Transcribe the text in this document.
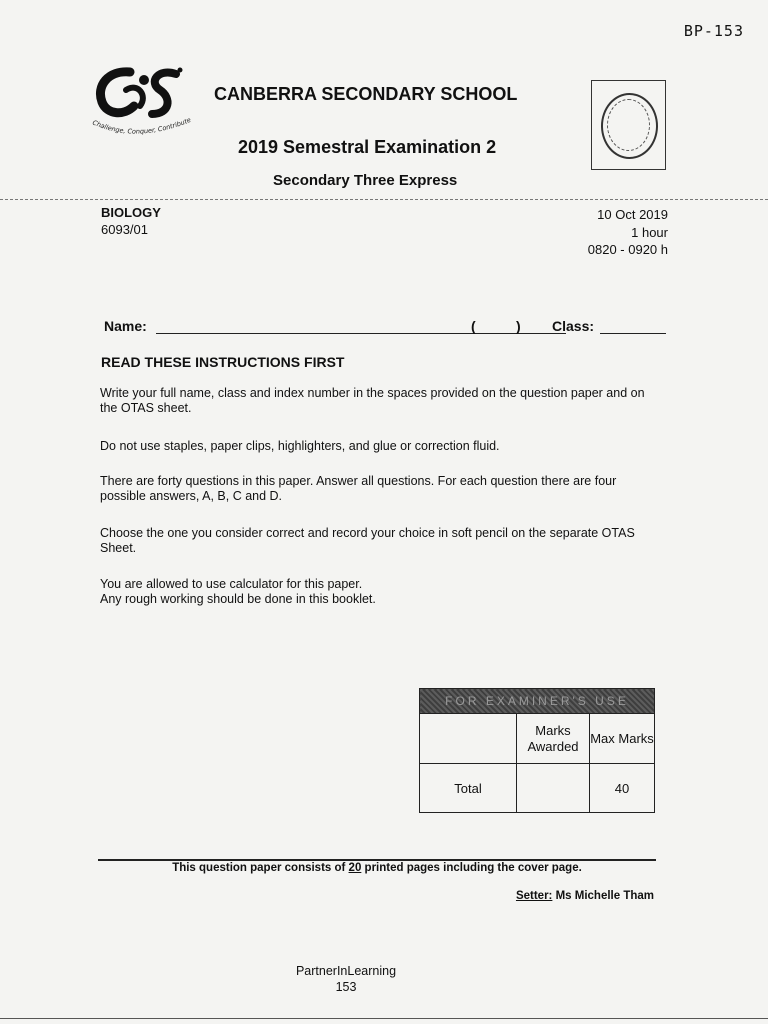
BP-153
Challenge, Conquer, Contribute
CANBERRA SECONDARY SCHOOL
2019 Semestral Examination 2
Secondary Three Express
BIOLOGY
6093/01
10 Oct 2019
1 hour
0820 - 0920 h
Name:	(	) Class:
READ THESE INSTRUCTIONS FIRST
Write your full name, class and index number in the spaces provided on the question paper and on the OTAS sheet.
Do not use staples, paper clips, highlighters, and glue or correction fluid.
There are forty questions in this paper. Answer all questions. For each question there are four possible answers, A, B, C and D.
Choose the one you consider correct and record your choice in soft pencil on the separate OTAS Sheet.
You are allowed to use calculator for this paper.
Any rough working should be done in this booklet.
FOR EXAMINER'S USE		
	Marks Awarded	Max Marks
Total		40
This question paper consists of 20 printed pages including the cover page.
Setter: Ms Michelle Tham
PartnerInLearning
153
